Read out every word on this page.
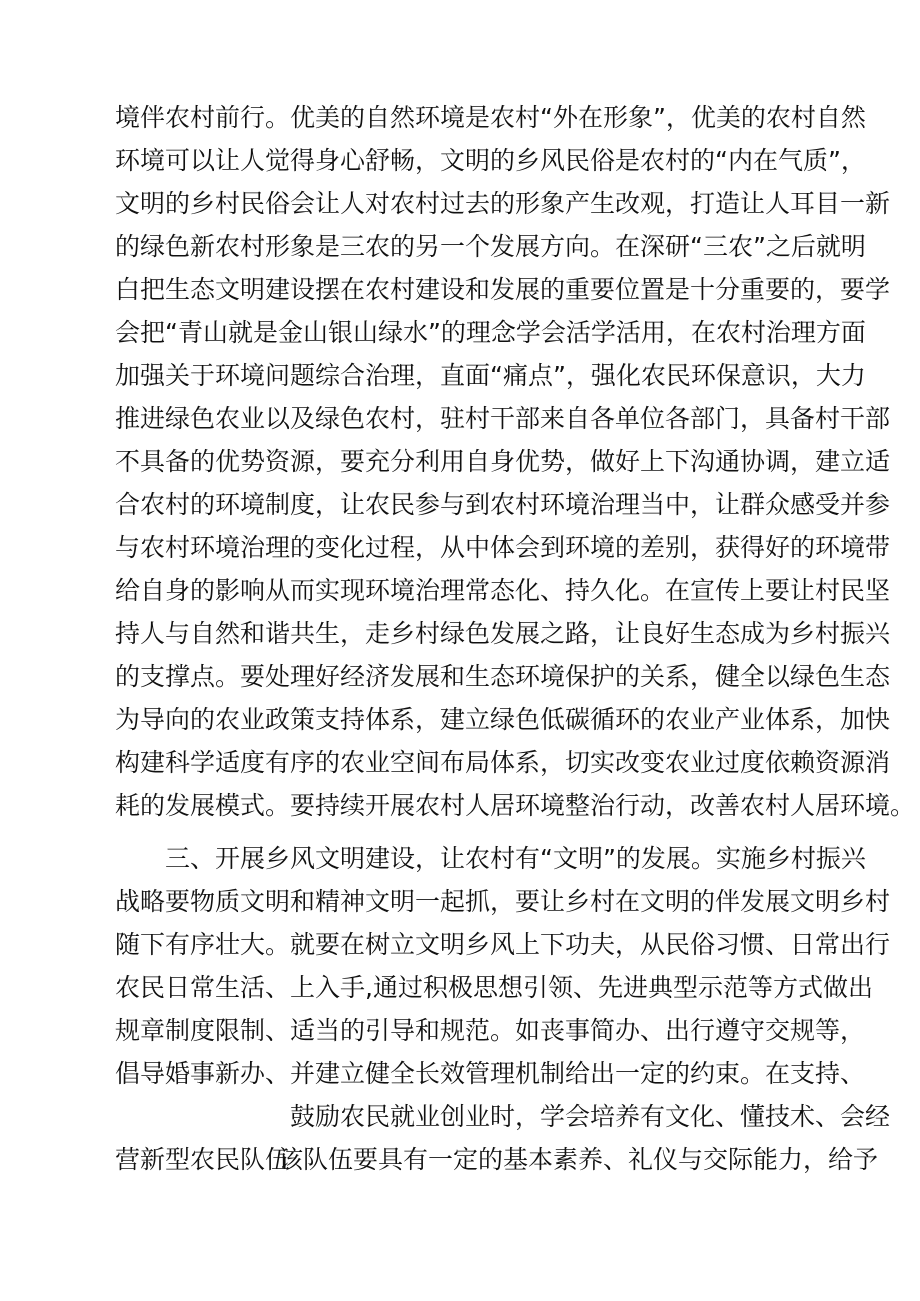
境伴农村前行。优美的自然环境是农村“外在形象”，优美的农村自然
环境可以让人觉得身心舒畅，文明的乡风民俗是农村的“内在气质”，
文明的乡村民俗会让人对农村过去的形象产生改观，打造让人耳目一新
的绿色新农村形象是三农的另一个发展方向。在深研“三农”之后就明
白把生态文明建设摆在农村建设和发展的重要位置是十分重要的，要学
会把“青山就是金山银山绿水”的理念学会活学活用，在农村治理方面
加强关于环境问题综合治理，直面“痛点”，强化农民环保意识，大力
推进绿色农业以及绿色农村，驻村干部来自各单位各部门，具备村干部
不具备的优势资源，要充分利用自身优势，做好上下沟通协调，建立适
合农村的环境制度，让农民参与到农村环境治理当中，让群众感受并参
与农村环境治理的变化过程，从中体会到环境的差别，获得好的环境带
给自身的影响从而实现环境治理常态化、持久化。在宣传上要让村民坚
持人与自然和谐共生，走乡村绿色发展之路，让良好生态成为乡村振兴
的支撑点。要处理好经济发展和生态环境保护的关系，健全以绿色生态
为导向的农业政策支持体系，建立绿色低碳循环的农业产业体系，加快
构建科学适度有序的农业空间布局体系，切实改变农业过度依赖资源消
耗的发展模式。要持续开展农村人居环境整治行动，改善农村人居环境。
三、开展乡风文明建设，让农村有“文明”的发展。实施乡村振兴
战略要物质文明和精神文明一起抓，要让乡村在文明的伴发展文明乡村
随下有序壮大。 就要在树立文明乡风上下功夫，从民俗习惯、日常出行
农民日常生活、 上入手,通过积极思想引领、先进典型示范等方式做出
规章制度限制、 适当的引导和规范。如丧事简办、出行遵守交规等，
倡导婚事新办、 并建立健全长效管理机制给出一定的约束。在支持、
鼓励农民就业创业时，学会培养有文化、懂技术、会经
营新型农民队伍
该队伍要具有一定的基本素养、礼仪与交际能力，给予
